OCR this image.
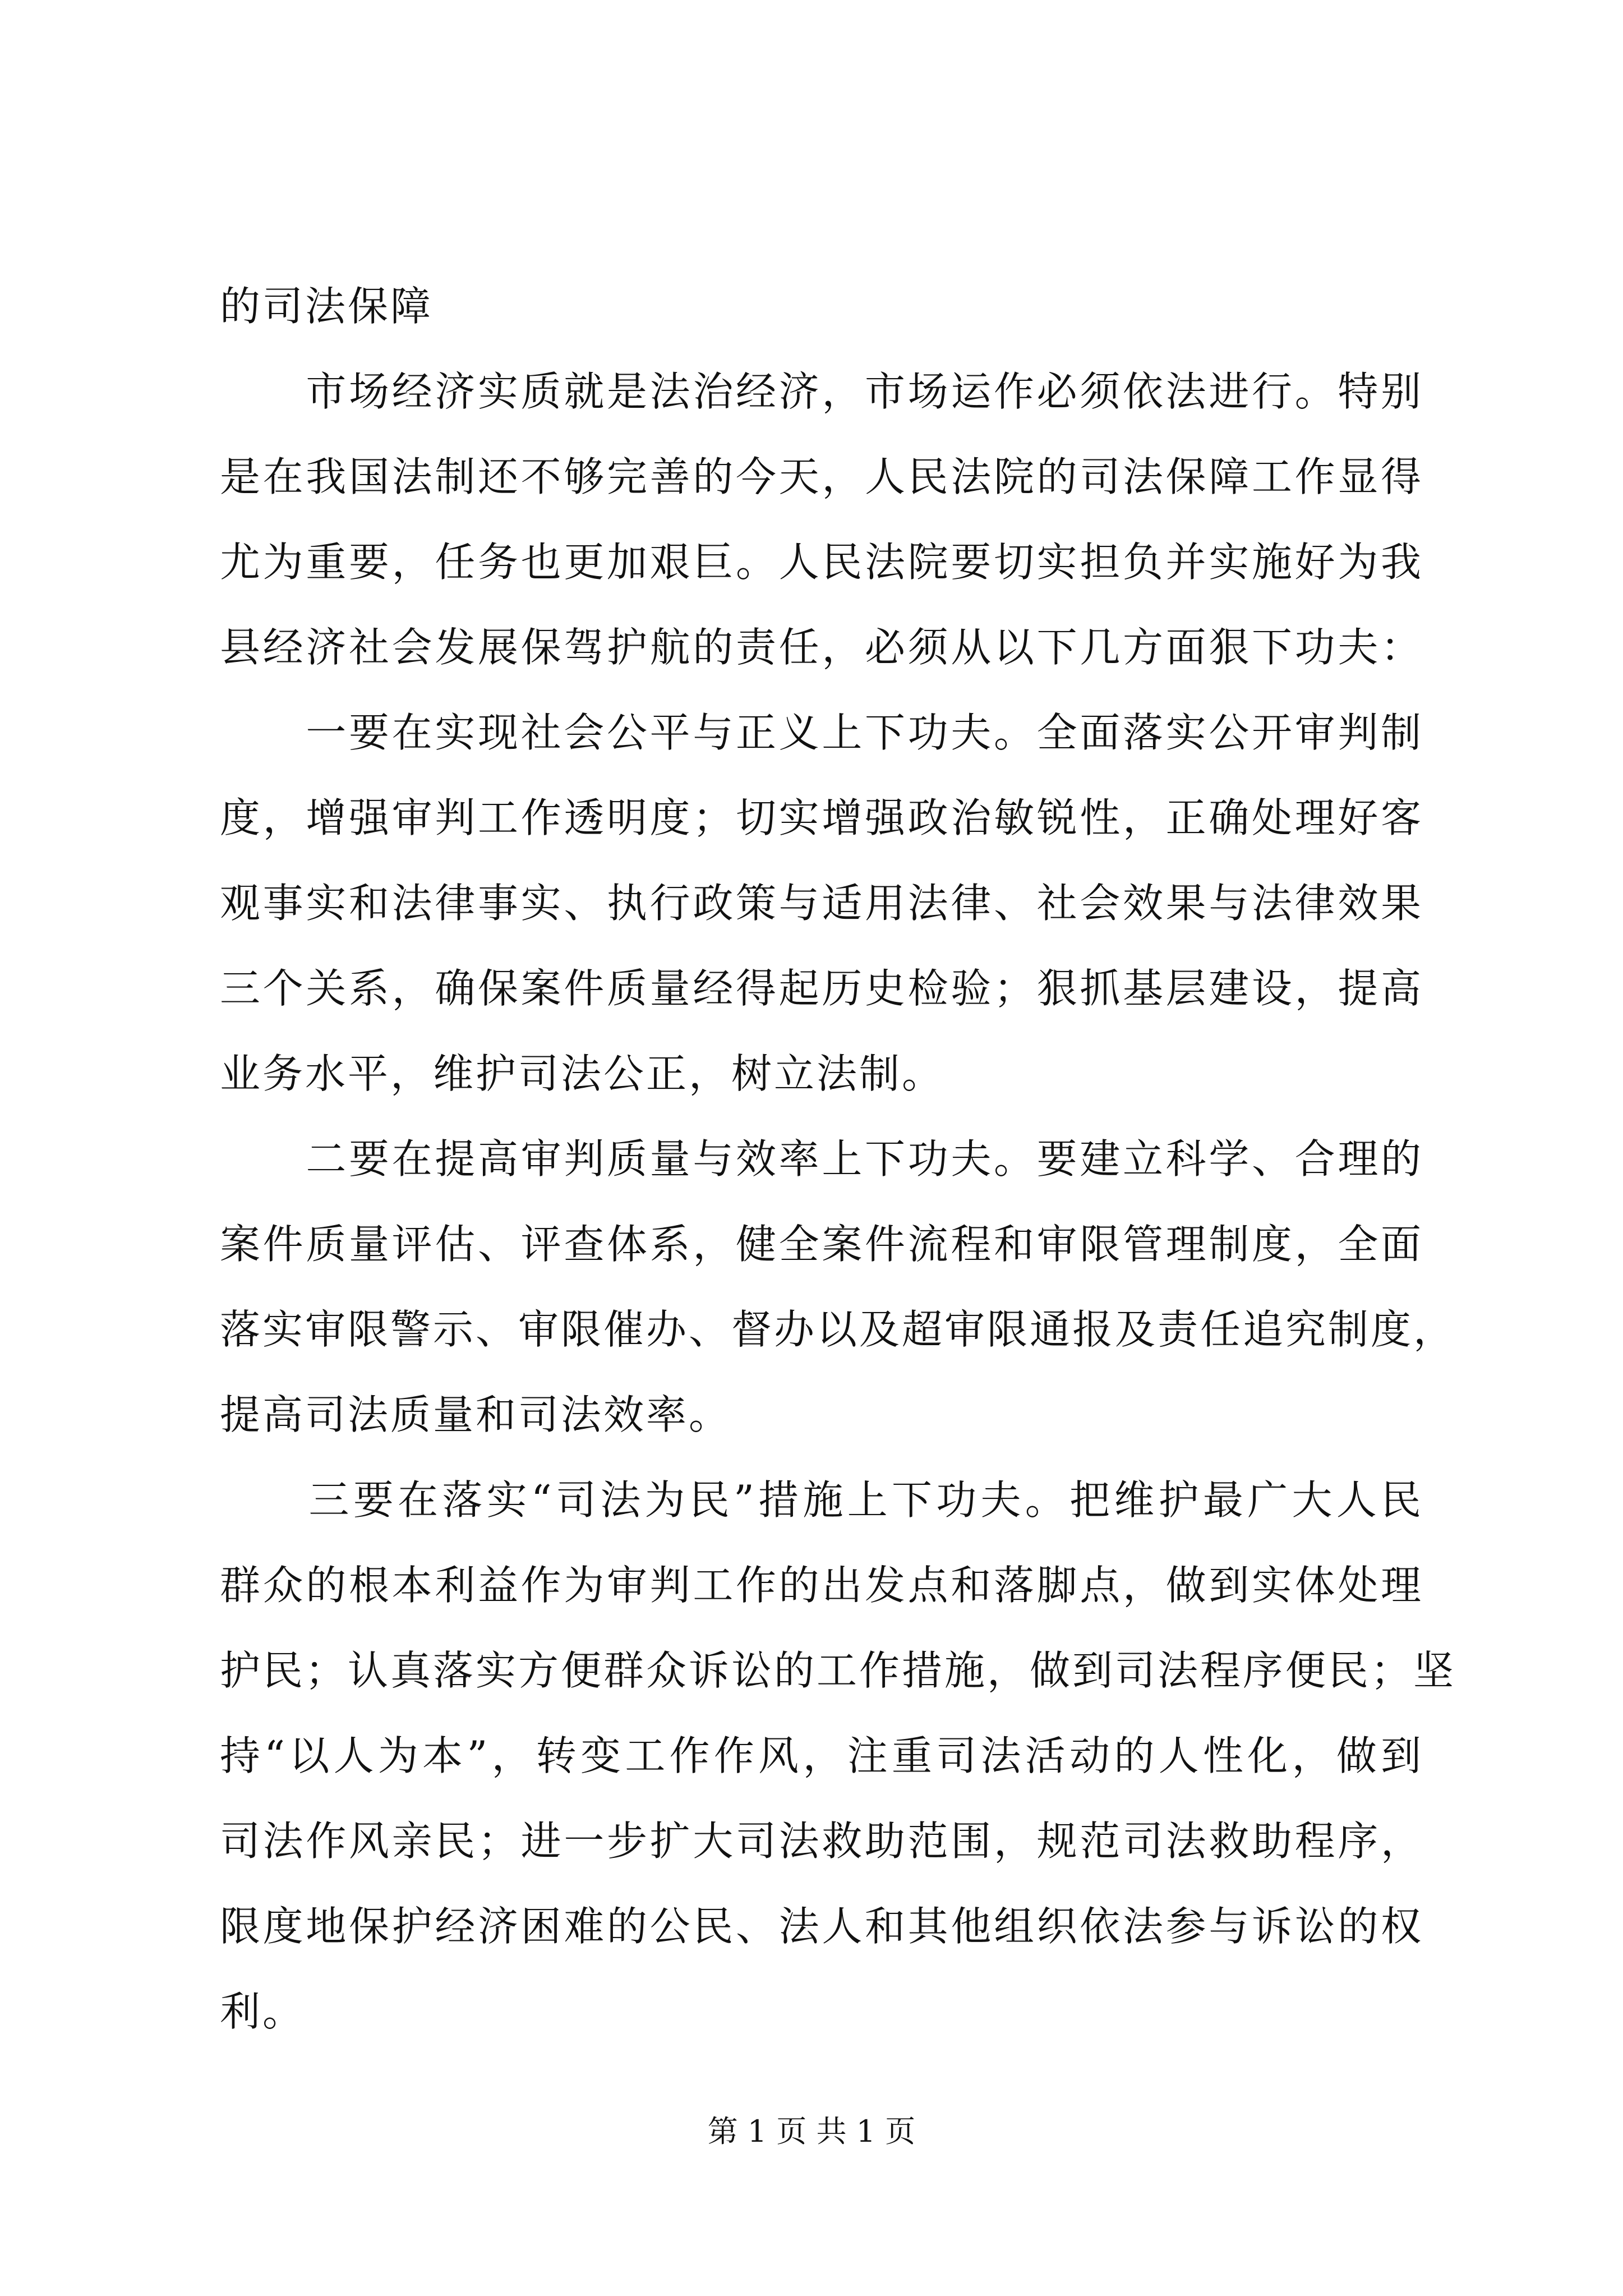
的司法保障
　　市场经济实质就是法治经济，市场运作必须依法进行。特别
是在我国法制还不够完善的今天，人民法院的司法保障工作显得
尤为重要，任务也更加艰巨。人民法院要切实担负并实施好为我
县经济社会发展保驾护航的责任，必须从以下几方面狠下功夫：
　　一要在实现社会公平与正义上下功夫。全面落实公开审判制
度，增强审判工作透明度；切实增强政治敏锐性，正确处理好客
观事实和法律事实、执行政策与适用法律、社会效果与法律效果
三个关系，确保案件质量经得起历史检验；狠抓基层建设，提高
业务水平，维护司法公正，树立法制。
　　二要在提高审判质量与效率上下功夫。要建立科学、合理的
案件质量评估、评查体系，健全案件流程和审限管理制度，全面
落实审限警示、审限催办、督办以及超审限通报及责任追究制度，
提高司法质量和司法效率。
　　三要在落实“司法为民”措施上下功夫。把维护最广大人民
群众的根本利益作为审判工作的出发点和落脚点，做到实体处理
护民；认真落实方便群众诉讼的工作措施，做到司法程序便民；坚
持“以人为本”，转变工作作风，注重司法活动的人性化，做到
司法作风亲民；进一步扩大司法救助范围，规范司法救助程序，
限度地保护经济困难的公民、法人和其他组织依法参与诉讼的权
利。
第 1 页 共 1 页
